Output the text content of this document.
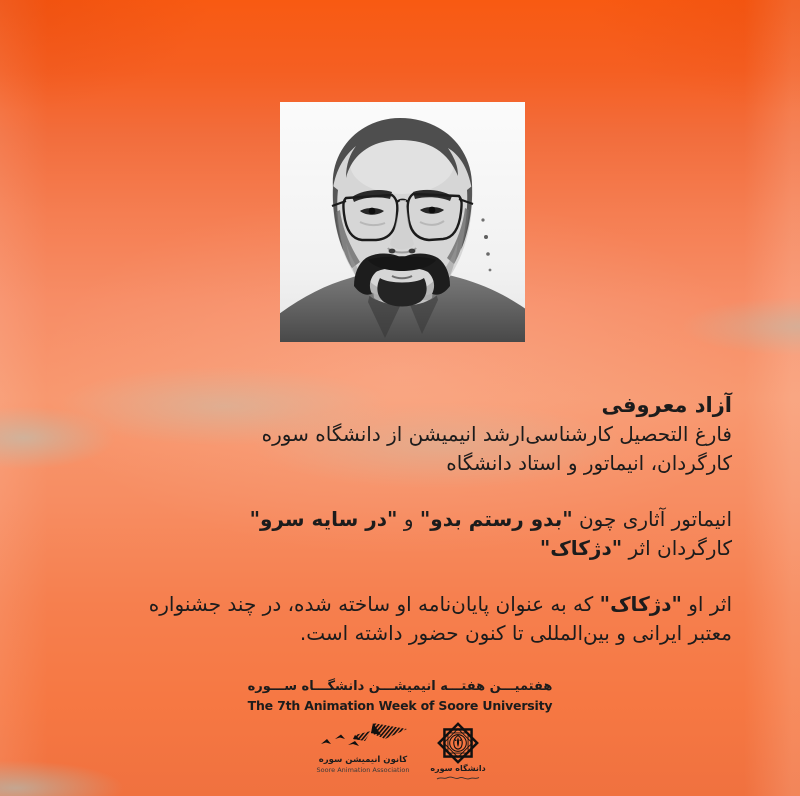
آزاد معروفی
فارغ التحصیل کارشناسی‌ارشد انیمیشن از دانشگاه سوره
کارگردان، انیماتور و استاد دانشگاه
انیماتور آثاری چون "بدو رستم بدو" و "در سایه سرو"
کارگردان اثر "دژکاک"
اثر او "دژکاک" که به عنوان پایان‌نامه او ساخته شده، در چند جشنواره
معتبر ایرانی و بین‌المللی تا کنون حضور داشته است.
هفتمیـــن هفتـــه انیمیشـــن دانشگـــاه ســـوره
The 7th Animation Week of Soore University
کانون انیمیشن سوره
Soore Animation Association	دانشگاه سوره
